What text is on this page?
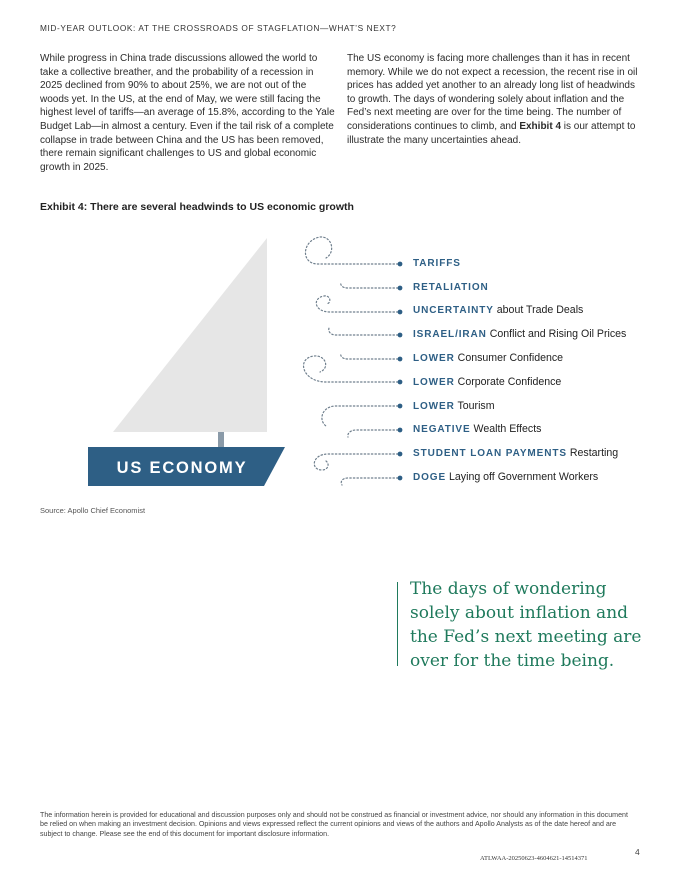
MID-YEAR OUTLOOK: AT THE CROSSROADS OF STAGFLATION—WHAT’S NEXT?
While progress in China trade discussions allowed the world to take a collective breather, and the probability of a recession in 2025 declined from 90% to about 25%, we are not out of the woods yet. In the US, at the end of May, we were still facing the highest level of tariffs—an average of 15.8%, according to the Yale Budget Lab—in almost a century. Even if the tail risk of a complete collapse in trade between China and the US has been removed, there remain significant challenges to US and global economic growth in 2025.
The US economy is facing more challenges than it has in recent memory. While we do not expect a recession, the recent rise in oil prices has added yet another to an already long list of headwinds to growth. The days of wondering solely about inflation and the Fed’s next meeting are over for the time being. The number of considerations continues to climb, and Exhibit 4 is our attempt to illustrate the many uncertainties ahead.
Exhibit 4: There are several headwinds to US economic growth
US ECONOMY
TARIFFS
RETALIATION
UNCERTAINTY about Trade Deals
ISRAEL/IRAN Conflict and Rising Oil Prices
LOWER Consumer Confidence
LOWER Corporate Confidence
LOWER Tourism
NEGATIVE Wealth Effects
STUDENT LOAN PAYMENTS Restarting
DOGE Laying off Government Workers
Source: Apollo Chief Economist
The days of wondering solely about inflation and the Fed’s next meeting are over for the time being.
The information herein is provided for educational and discussion purposes only and should not be construed as financial or investment advice, nor should any information in this document be relied on when making an investment decision. Opinions and views expressed reflect the current opinions and views of the authors and Apollo Analysts as of the date hereof and are subject to change. Please see the end of this document for important disclosure information.
4
ATLWAA-20250623-4604621-14514371
